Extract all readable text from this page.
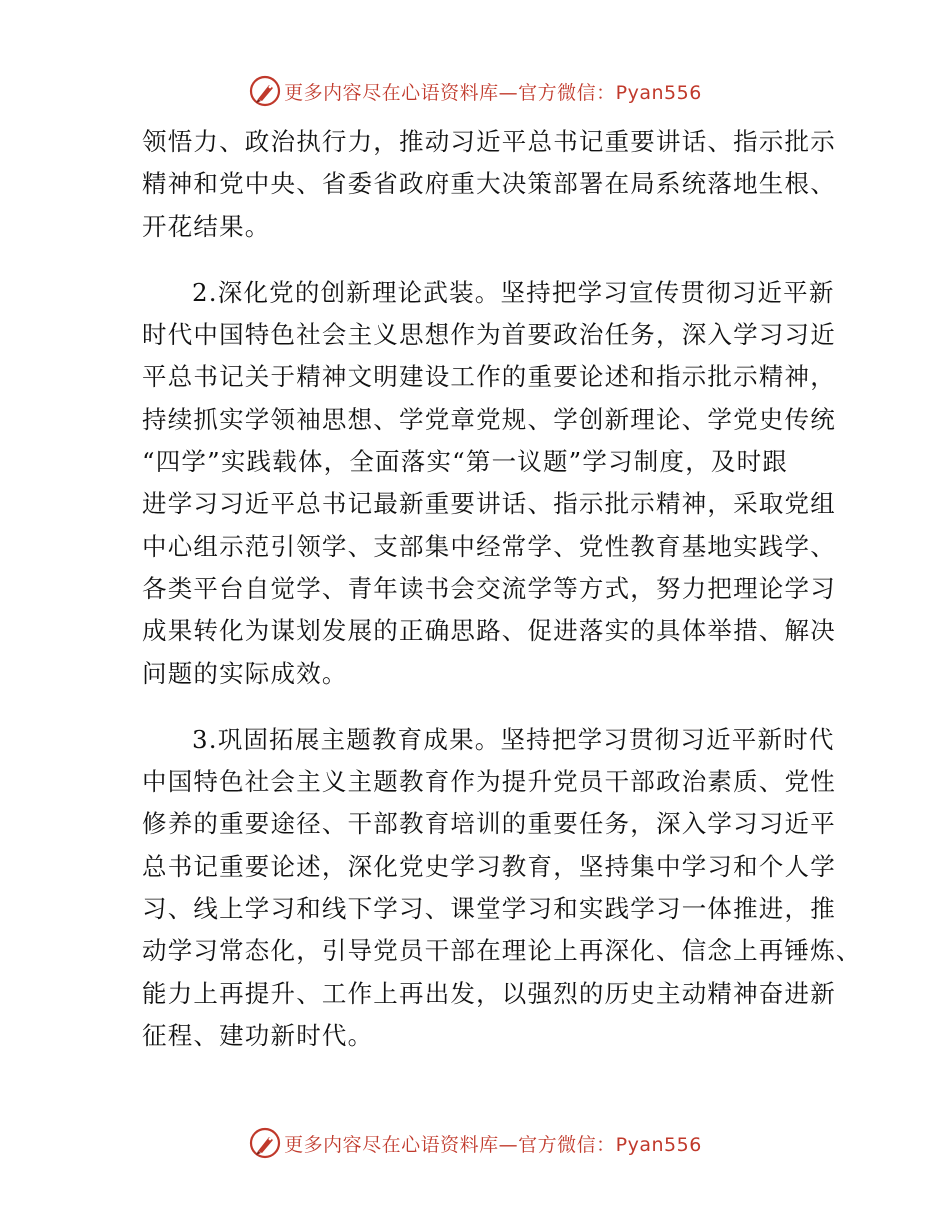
更多内容尽在心语资料库—官方微信：Pyan556

领悟力、政治执行力，推动习近平总书记重要讲话、指示批示
精神和党中央、省委省政府重大决策部署在局系统落地生根、
开花结果。

2.深化党的创新理论武装。坚持把学习宣传贯彻习近平新
时代中国特色社会主义思想作为首要政治任务，深入学习习近
平总书记关于精神文明建设工作的重要论述和指示批示精神，
持续抓实学领袖思想、学党章党规、学创新理论、学党史传统
“四学”实践载体，全面落实“第一议题”学习制度，及时跟
进学习习近平总书记最新重要讲话、指示批示精神，采取党组
中心组示范引领学、支部集中经常学、党性教育基地实践学、
各类平台自觉学、青年读书会交流学等方式，努力把理论学习
成果转化为谋划发展的正确思路、促进落实的具体举措、解决
问题的实际成效。

3.巩固拓展主题教育成果。坚持把学习贯彻习近平新时代
中国特色社会主义主题教育作为提升党员干部政治素质、党性
修养的重要途径、干部教育培训的重要任务，深入学习习近平
总书记重要论述，深化党史学习教育，坚持集中学习和个人学
习、线上学习和线下学习、课堂学习和实践学习一体推进，推
动学习常态化，引导党员干部在理论上再深化、信念上再锤炼、
能力上再提升、工作上再出发，以强烈的历史主动精神奋进新
征程、建功新时代。

更多内容尽在心语资料库—官方微信：Pyan556
